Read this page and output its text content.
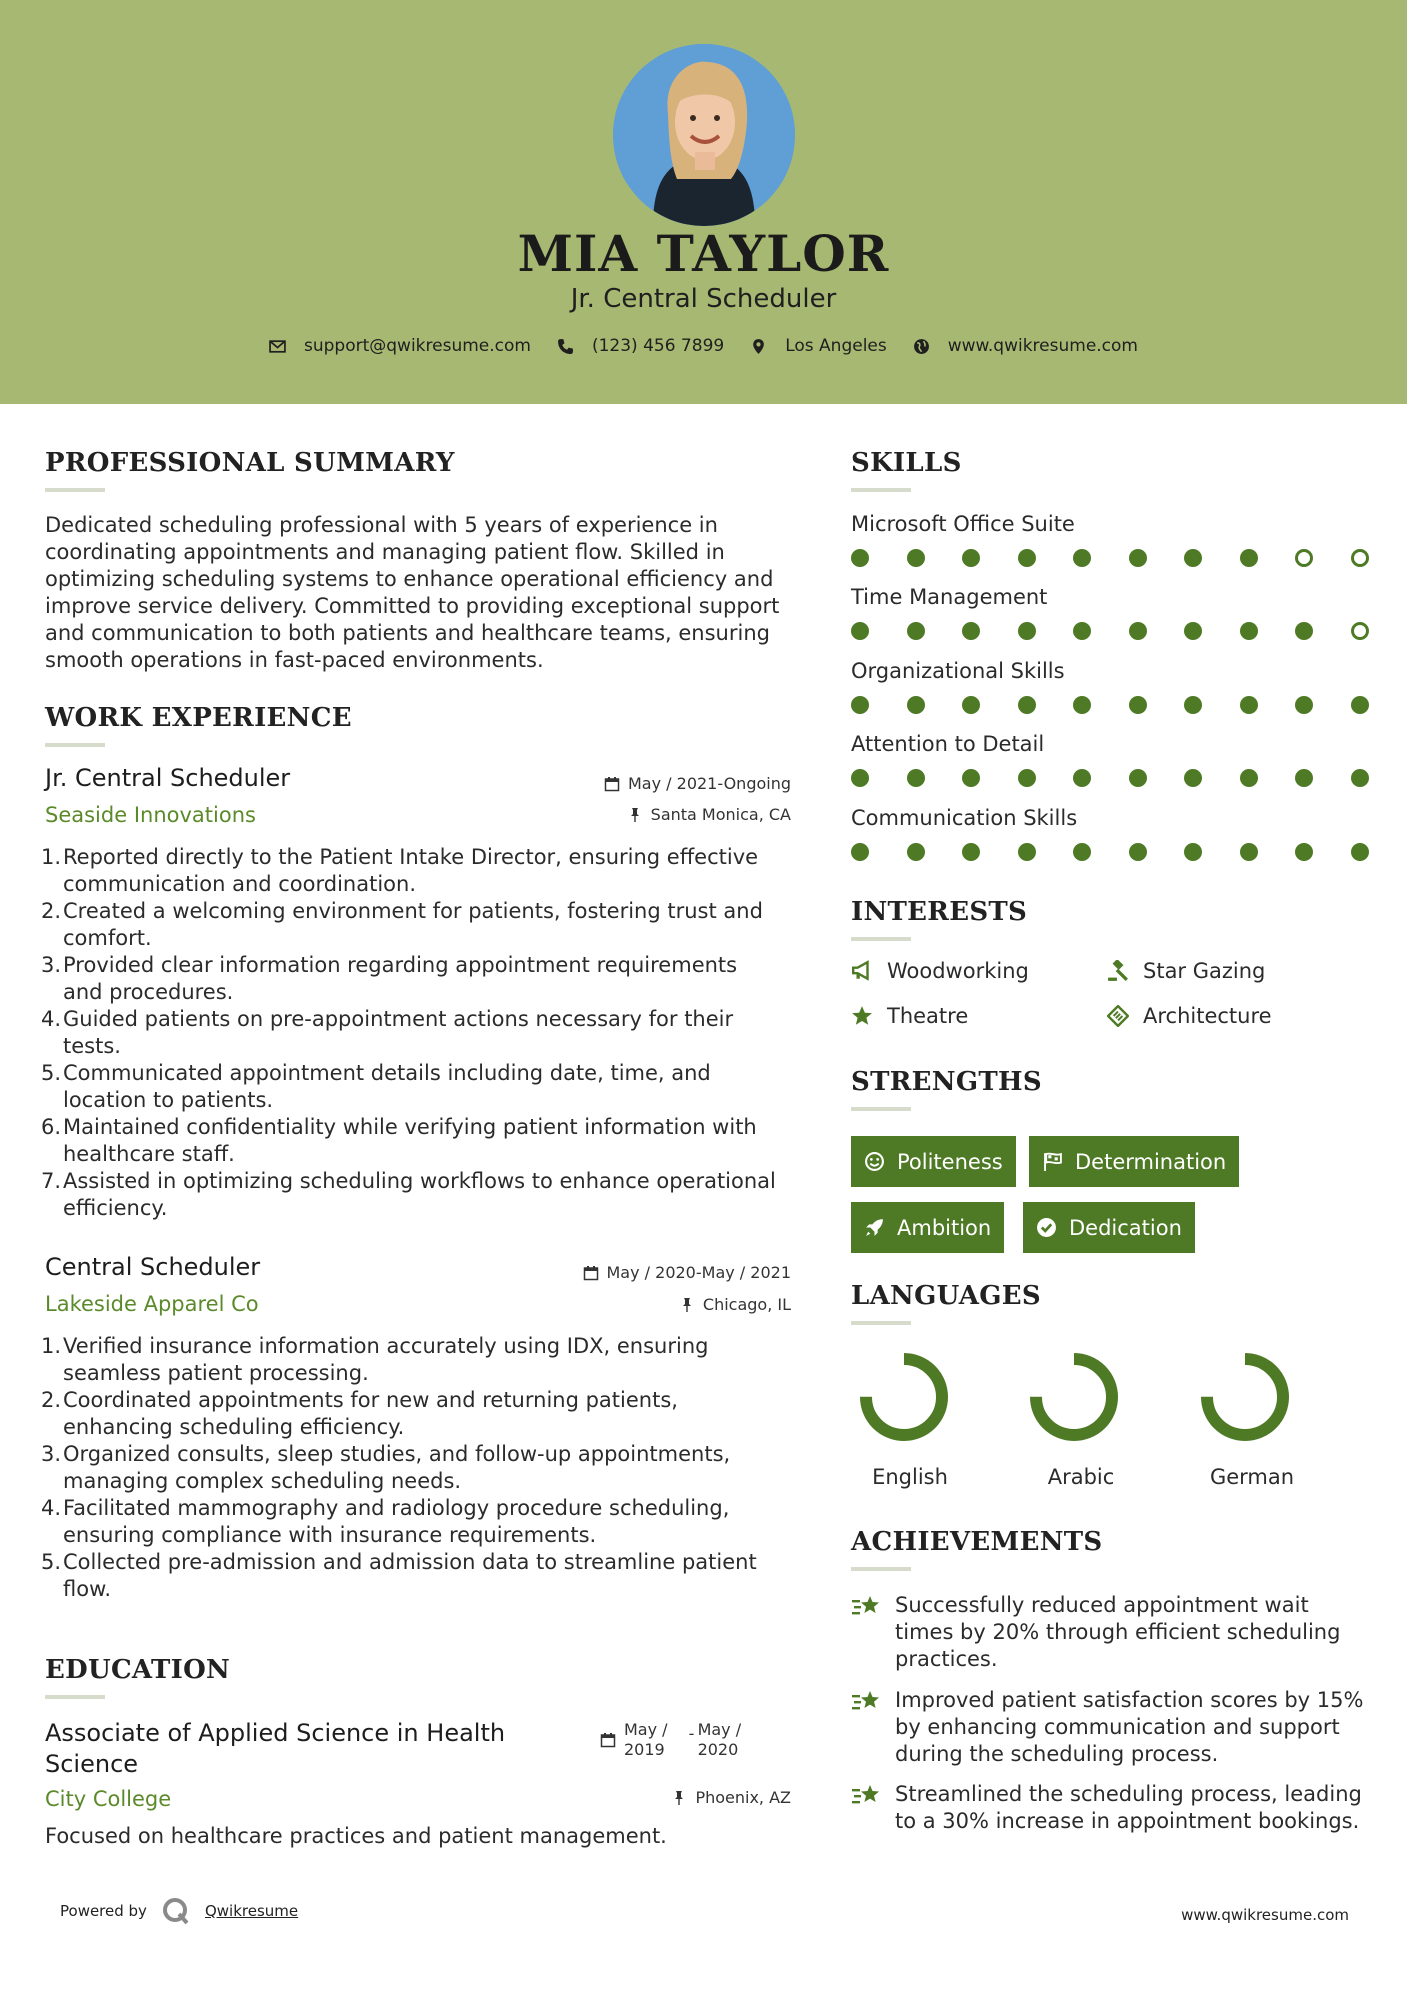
MIA TAYLOR
Jr. Central Scheduler
support@qwikresume.com	(123) 456 7899	Los Angeles	www.qwikresume.com
PROFESSIONAL SUMMARY
Dedicated scheduling professional with 5 years of experience in
coordinating appointments and managing patient flow. Skilled in
optimizing scheduling systems to enhance operational efficiency and
improve service delivery. Committed to providing exceptional support
and communication to both patients and healthcare teams, ensuring
smooth operations in fast-paced environments.
WORK EXPERIENCE
Jr. Central Scheduler
Seaside Innovations
May / 2021-Ongoing
Santa Monica, CA
1. Reported directly to the Patient Intake Director, ensuring effective
communication and coordination.
2. Created a welcoming environment for patients, fostering trust and
comfort.
3. Provided clear information regarding appointment requirements
and procedures.
4. Guided patients on pre-appointment actions necessary for their
tests.
5. Communicated appointment details including date, time, and
location to patients.
6. Maintained confidentiality while verifying patient information with
healthcare staff.
7. Assisted in optimizing scheduling workflows to enhance operational
efficiency.
Central Scheduler
Lakeside Apparel Co
May / 2020-May / 2021
Chicago, IL
1. Verified insurance information accurately using IDX, ensuring
seamless patient processing.
2. Coordinated appointments for new and returning patients,
enhancing scheduling efficiency.
3. Organized consults, sleep studies, and follow-up appointments,
managing complex scheduling needs.
4. Facilitated mammography and radiology procedure scheduling,
ensuring compliance with insurance requirements.
5. Collected pre-admission and admission data to streamline patient
flow.
EDUCATION
Associate of Applied Science in Health
Science
May /
2019
- May /
2020
City College	Phoenix, AZ
Focused on healthcare practices and patient management.
SKILLS
Microsoft Office Suite
Time Management
Organizational Skills
Attention to Detail
Communication Skills
INTERESTS
Woodworking	Star Gazing
Theatre	Architecture
STRENGTHS
Politeness	Determination
Ambition	Dedication
LANGUAGES
English	Arabic	German
ACHIEVEMENTS
Successfully reduced appointment wait
times by 20% through efficient scheduling
practices.
Improved patient satisfaction scores by 15%
by enhancing communication and support
during the scheduling process.
Streamlined the scheduling process, leading
to a 30% increase in appointment bookings.
Powered by	Qwikresume	www.qwikresume.com
